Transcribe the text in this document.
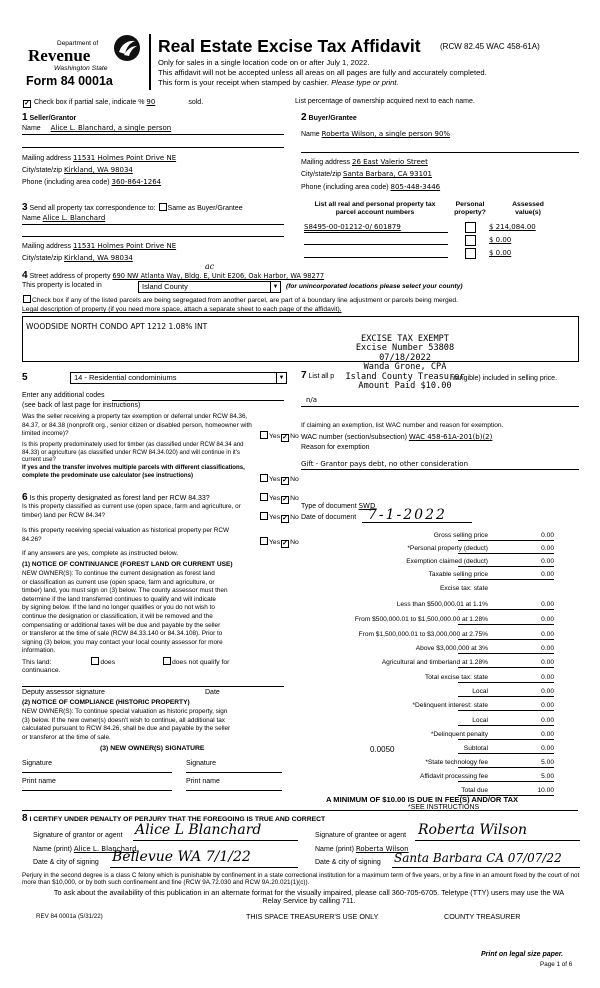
Department of
Revenue
Washington State
Form 84 0001a
Real Estate Excise Tax Affidavit (RCW 82.45 WAC 458-61A)
Only for sales in a single location code on or after July 1, 2022.
This affidavit will not be accepted unless all areas on all pages are fully and accurately completed.
This form is your receipt when stamped by cashier. Please type or print.
✓ Check box if partial sale, indicate % 90	sold.	List percentage of ownership acquired next to each name.
1 Seller/Grantor
Name Alice L. Blanchard, a single person
Mailing address 11531 Holmes Point Drive NE
City/state/zip Kirkland, WA 98034
Phone (including area code) 360-864-1264
2 Buyer/Grantee
Name Roberta Wilson, a single person 90%
Mailing address 26 East Valerio Street
City/state/zip Santa Barbara, CA 93101
Phone (including area code) 805-448-3446
3 Send all property tax correspondence to: Same as Buyer/Grantee
Name Alice L. Blanchard
Mailing address 11531 Holmes Point Drive NE
City/state/zip Kirkland, WA 98034
List all real and personal property tax parcel account numbers
Personal property?
Assessed value(s)
S8495-00-01212-0/ 601879	$ 214,084.00
$ 0.00
$ 0.00
ac
4 Street address of property 690 NW Atlanta Way, Bldg. E, Unit E206, Oak Harbor, WA 98277
This property is located in	Island County	▼ (for unincorporated locations please select your county)
Check box if any of the listed parcels are being segregated from another parcel, are part of a boundary line adjustment or parcels being merged.
Legal description of property (if you need more space, attach a separate sheet to each page of the affidavit).
WOODSIDE NORTH CONDO APT 1212 1.08% INT
EXCISE TAX EXEMPT
Excise Number 53808
07/18/2022
Wanda Grone, CPA
Island County Treasurer
Amount Paid $10.00
5	14 - Residential condominiums	▼
Enter any additional codes
(see back of last page for instructions)
Was the seller receiving a property tax exemption or deferral under RCW 84.36, 84.37, or 84.38 (nonprofit org., senior citizen or disabled person, homeowner with limited income)?	Yes ✓ No
Is this property predominately used for timber (as classified under RCW 84.34 and 84.33) or agriculture (as classified under RCW 84.34.020) and will continue in it's current use?
If yes and the transfer involves multiple parcels with different classifications, complete the predominate use calculator (see instructions)
Yes ✓ No
6 Is this property designated as forest land per RCW 84.33?	Yes ✓ No
Is this property classified as current use (open space, farm and agriculture, or timber) land per RCW 84.34?	Yes ✓ No
Is this property receiving special valuation as historical property per RCW 84.26?	Yes ✓ No
If any answers are yes, complete as instructed below.
(1) NOTICE OF CONTINUANCE (FOREST LAND OR CURRENT USE)
NEW OWNER(S): To continue the current designation as forest land
or classification as current use (open space, farm and agriculture, or
timber) land, you must sign on (3) below. The county assessor must then
determine if the land transferred continues to qualify and will indicate
by signing below. If the land no longer qualifies or you do not wish to
continue the designation or classification, it will be removed and the
compensating or additional taxes will be due and payable by the seller
or transferor at the time of sale (RCW 84.33.140 or 84.34.108). Prior to
signing (3) below, you may contact your local county assessor for more
information.
This land:	does	does not qualify for
continuance.
Deputy assessor signature	Date
(2) NOTICE OF COMPLIANCE (HISTORIC PROPERTY)
NEW OWNER(S): To continue special valuation as historic property, sign
(3) below. If the new owner(s) doesn't wish to continue, all additional tax
calculated pursuant to RCW 84.26, shall be due and payable by the seller
or transferor at the time of sale.
(3) NEW OWNER(S) SIGNATURE
Signature	Signature
Print name	Print name
7 List all p	ntangible) included in selling price.
n/a
If claiming an exemption, list WAC number and reason for exemption.
WAC number (section/subsection) WAC 458-61A-201(b)(2)
Reason for exemption
Gift - Grantor pays debt, no other consideration
Type of document SWD
Date of document 7-1-2022
Gross selling price	0.00
*Personal property (deduct)	0.00
Exemption claimed (deduct)	0.00
Taxable selling price	0.00
Excise tax: state
Less than $500,000.01 at 1.1%	0.00
From $500,000.01 to $1,500,000.00 at 1.28%	0.00
From $1,500,000.01 to $3,000,000 at 2.75%	0.00
Above $3,000,000 at 3%	0.00
Agricultural and timberland at 1.28%	0.00
Total excise tax: state	0.00
Local	0.00
*Delinquent interest: state	0.00
Local	0.00
*Delinquent penalty	0.00
Subtotal	0.00
*State technology fee	5.00
Affidavit processing fee	5.00
Total due	10.00
0.0050
A MINIMUM OF $10.00 IS DUE IN FEE(S) AND/OR TAX
*SEE INSTRUCTIONS
8 I CERTIFY UNDER PENALTY OF PERJURY THAT THE FOREGOING IS TRUE AND CORRECT
Signature of grantor or agent Alice L Blanchard
Name (print) Alice L. Blanchard
Date & city of signing Bellevue WA 7/1/22
Signature of grantee or agent Roberta Wilson
Name (print) Roberta Wilson
Date & city of signing Santa Barbara CA 07/07/22
Perjury in the second degree is a class C felony which is punishable by confinement in a state correctional institution for a maximum term of five years, or by a fine in an amount fixed by the court of not more than $10,000, or by both such confinement and fine (RCW 9A.72.030 and RCW 9A.20.021(1)(c)).
To ask about the availability of this publication in an alternate format for the visually impaired, please call 360-705-6705. Teletype (TTY) users may use the WA Relay Service by calling 711.
REV 84 0001a (5/31/22)	THIS SPACE TREASURER'S USE ONLY	COUNTY TREASURER
Print on legal size paper.
Page 1 of 6
